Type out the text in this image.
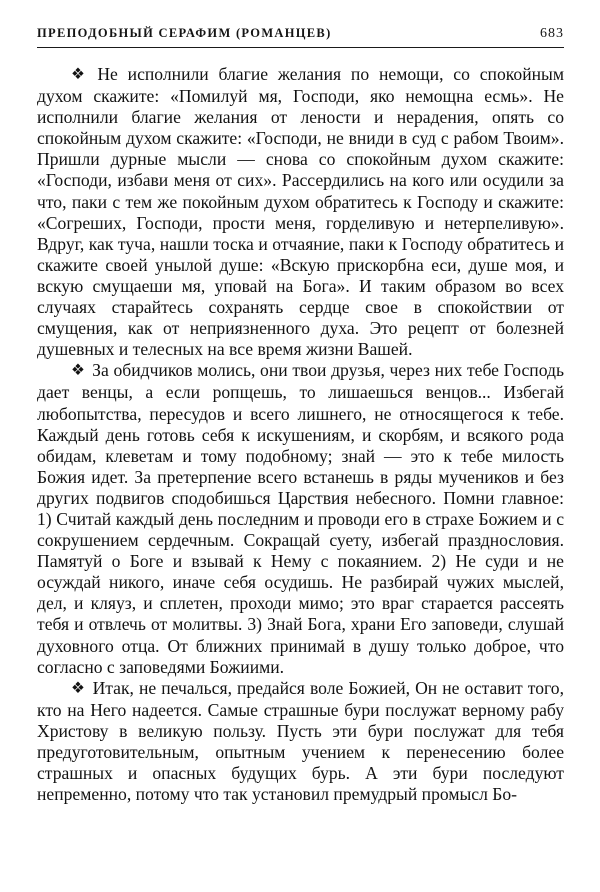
ПРЕПОДОБНЫЙ СЕРАФИМ (РОМАНЦЕВ)	683

❖ Не исполнили благие желания по немощи, со спокойным духом скажите: «Помилуй мя, Господи, яко немощна есмь». Не исполнили благие желания от лености и нерадения, опять со спокойным духом скажите: «Господи, не вниди в суд с рабом Твоим». Пришли дурные мысли — снова со спокойным духом скажите: «Господи, избави меня от сих». Рассердились на кого или осудили за что, паки с тем же покойным духом обратитесь к Господу и скажите: «Согреших, Господи, прости меня, горделивую и нетерпеливую». Вдруг, как туча, нашли тоска и отчаяние, паки к Господу обратитесь и скажите своей унылой душе: «Вскую прискорбна еси, душе моя, и вскую смущаеши мя, уповай на Бога». И таким образом во всех случаях старайтесь сохранять сердце свое в спокойствии от смущения, как от неприязненного духа. Это рецепт от болезней душевных и телесных на все время жизни Вашей.

❖ За обидчиков молись, они твои друзья, через них тебе Господь дает венцы, а если ропщешь, то лишаешься венцов... Избегай любопытства, пересудов и всего лишнего, не относящегося к тебе. Каждый день готовь себя к искушениям, и скорбям, и всякого рода обидам, клеветам и тому подобному; знай — это к тебе милость Божия идет. За претерпение всего встанешь в ряды мучеников и без других подвигов сподобишься Царствия небесного. Помни главное: 1) Считай каждый день последним и проводи его в страхе Божием и с сокрушением сердечным. Сокращай суету, избегай празднословия. Памятуй о Боге и взывай к Нему с покаянием. 2) Не суди и не осуждай никого, иначе себя осудишь. Не разбирай чужих мыслей, дел, и кляуз, и сплетен, проходи мимо; это враг старается рассеять тебя и отвлечь от молитвы. 3) Знай Бога, храни Его заповеди, слушай духовного отца. От ближних принимай в душу только доброе, что согласно с заповедями Божиими.

❖ Итак, не печалься, предайся воле Божией, Он не оставит того, кто на Него надеется. Самые страшные бури послужат верному рабу Христову в великую пользу. Пусть эти бури послужат для тебя предуготовительным, опытным учением к перенесению более страшных и опасных будущих бурь. А эти бури последуют непременно, потому что так установил премудрый промысл Бо-
